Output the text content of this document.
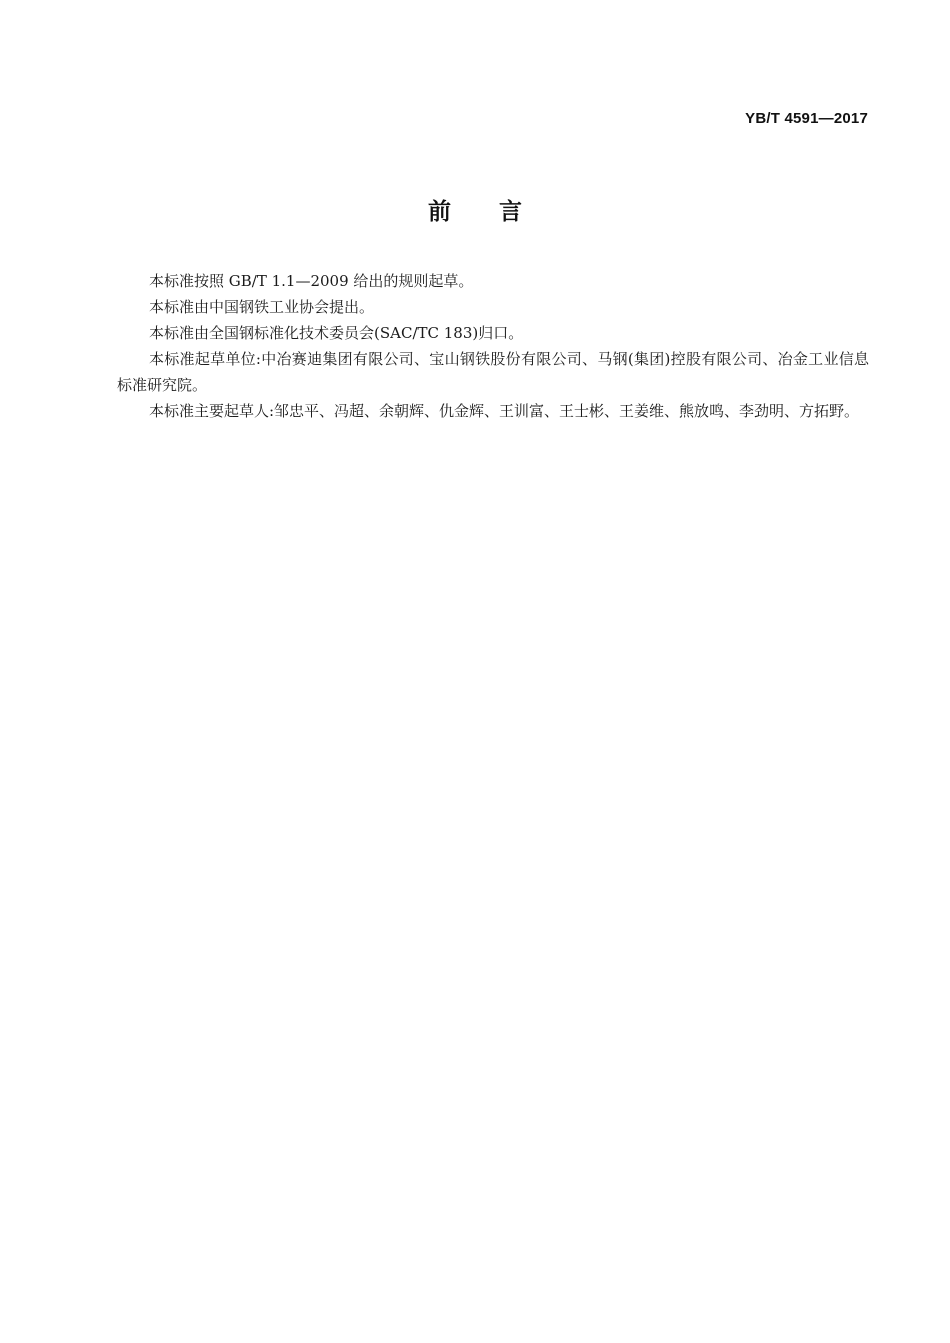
YB/T 4591—2017
前言

本标准按照 GB/T 1.1—2009 给出的规则起草。

本标准由中国钢铁工业协会提出。

本标准由全国钢标准化技术委员会(SAC/TC 183)归口。

本标准起草单位:中冶赛迪集团有限公司、宝山钢铁股份有限公司、马钢(集团)控股有限公司、冶金工业信息标准研究院。

本标准主要起草人:邹忠平、冯超、余朝辉、仇金辉、王训富、王士彬、王姜维、熊放鸣、李劲明、方拓野。
